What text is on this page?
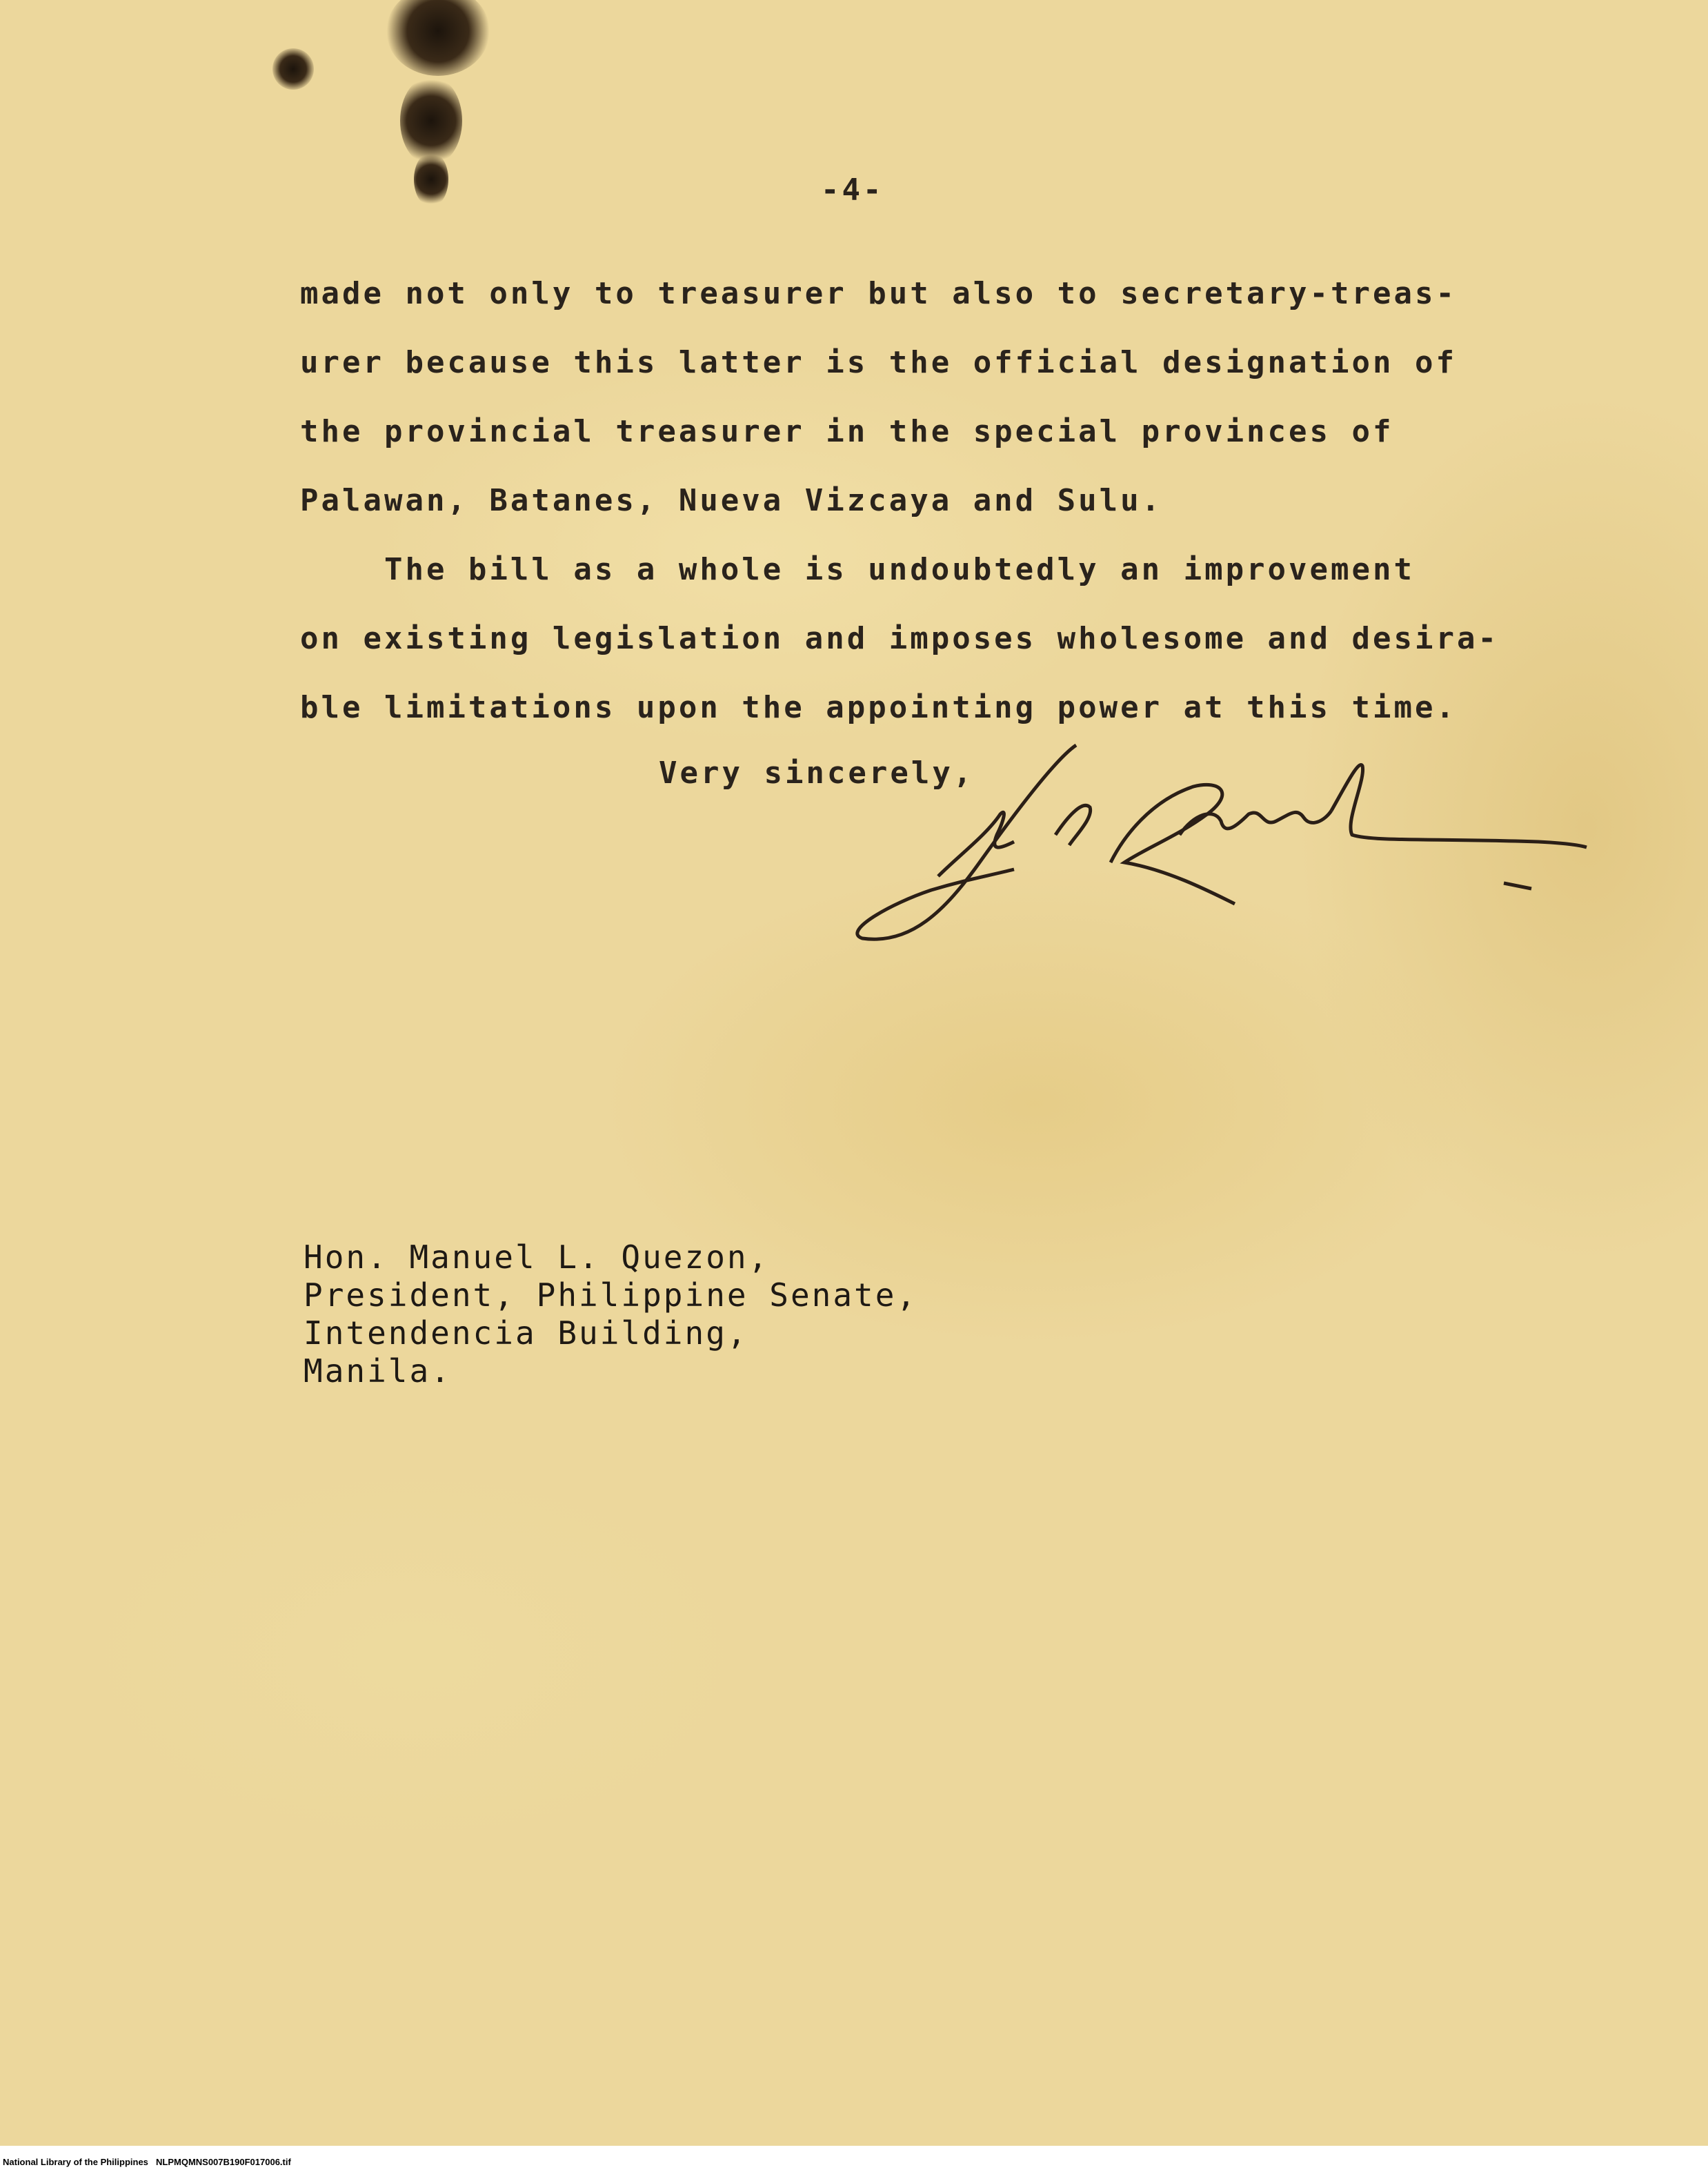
-4-
made not only to treasurer but also to secretary-treas-
urer because this latter is the official designation of
the provincial treasurer in the special provinces of
Palawan, Batanes, Nueva Vizcaya and Sulu.
The bill as a whole is undoubtedly an improvement
on existing legislation and imposes wholesome and desira-
ble limitations upon the appointing power at this time.
Very sincerely,
Hon. Manuel L. Quezon,
President, Philippine Senate,
Intendencia Building,
Manila.
National Library of the Philippines NLPMQMNS007B190F017006.tif
